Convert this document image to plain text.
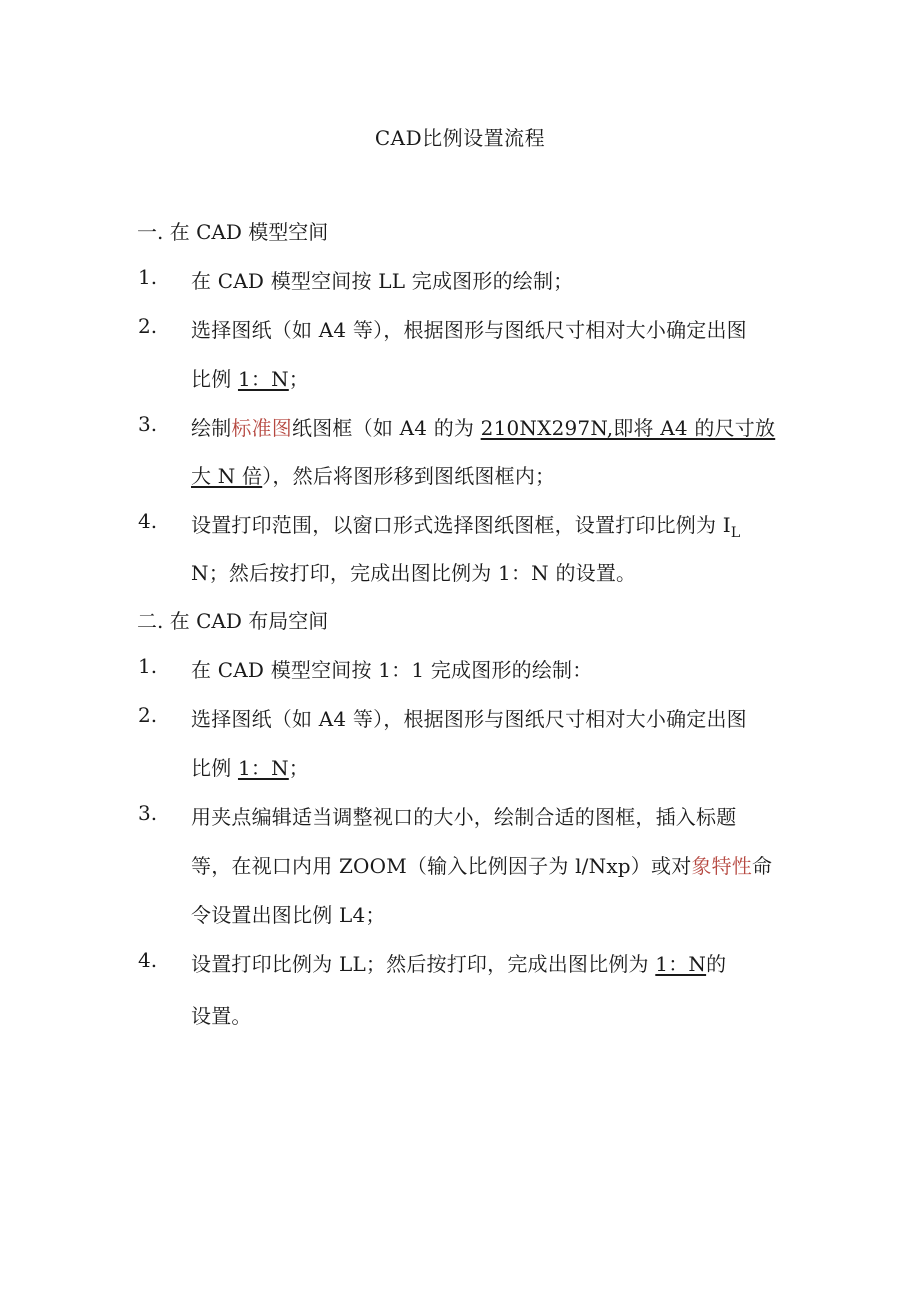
CAD比例设置流程
一. 在 CAD 模型空间
1. 在 CAD 模型空间按 LL 完成图形的绘制；
2. 选择图纸（如 A4 等），根据图形与图纸尺寸相对大小确定出图
比例 1：N；
3. 绘制标准图纸图框（如 A4 的为 210NX297N,即将 A4 的尺寸放
大 N 倍），然后将图形移到图纸图框内；
4. 设置打印范围，以窗口形式选择图纸图框，设置打印比例为 $I_L$
N；然后按打印，完成出图比例为 1：N 的设置。
二. 在 CAD 布局空间
1. 在 CAD 模型空间按 1：1 完成图形的绘制：
2. 选择图纸（如 A4 等），根据图形与图纸尺寸相对大小确定出图
比例 1：N；
3. 用夹点编辑适当调整视口的大小，绘制合适的图框，插入标题
等，在视口内用 ZOOM（输入比例因子为 l/Nxp）或对象特性命
令设置出图比例 L4；
4. 设置打印比例为 LL；然后按打印，完成出图比例为 1：N的
设置。
